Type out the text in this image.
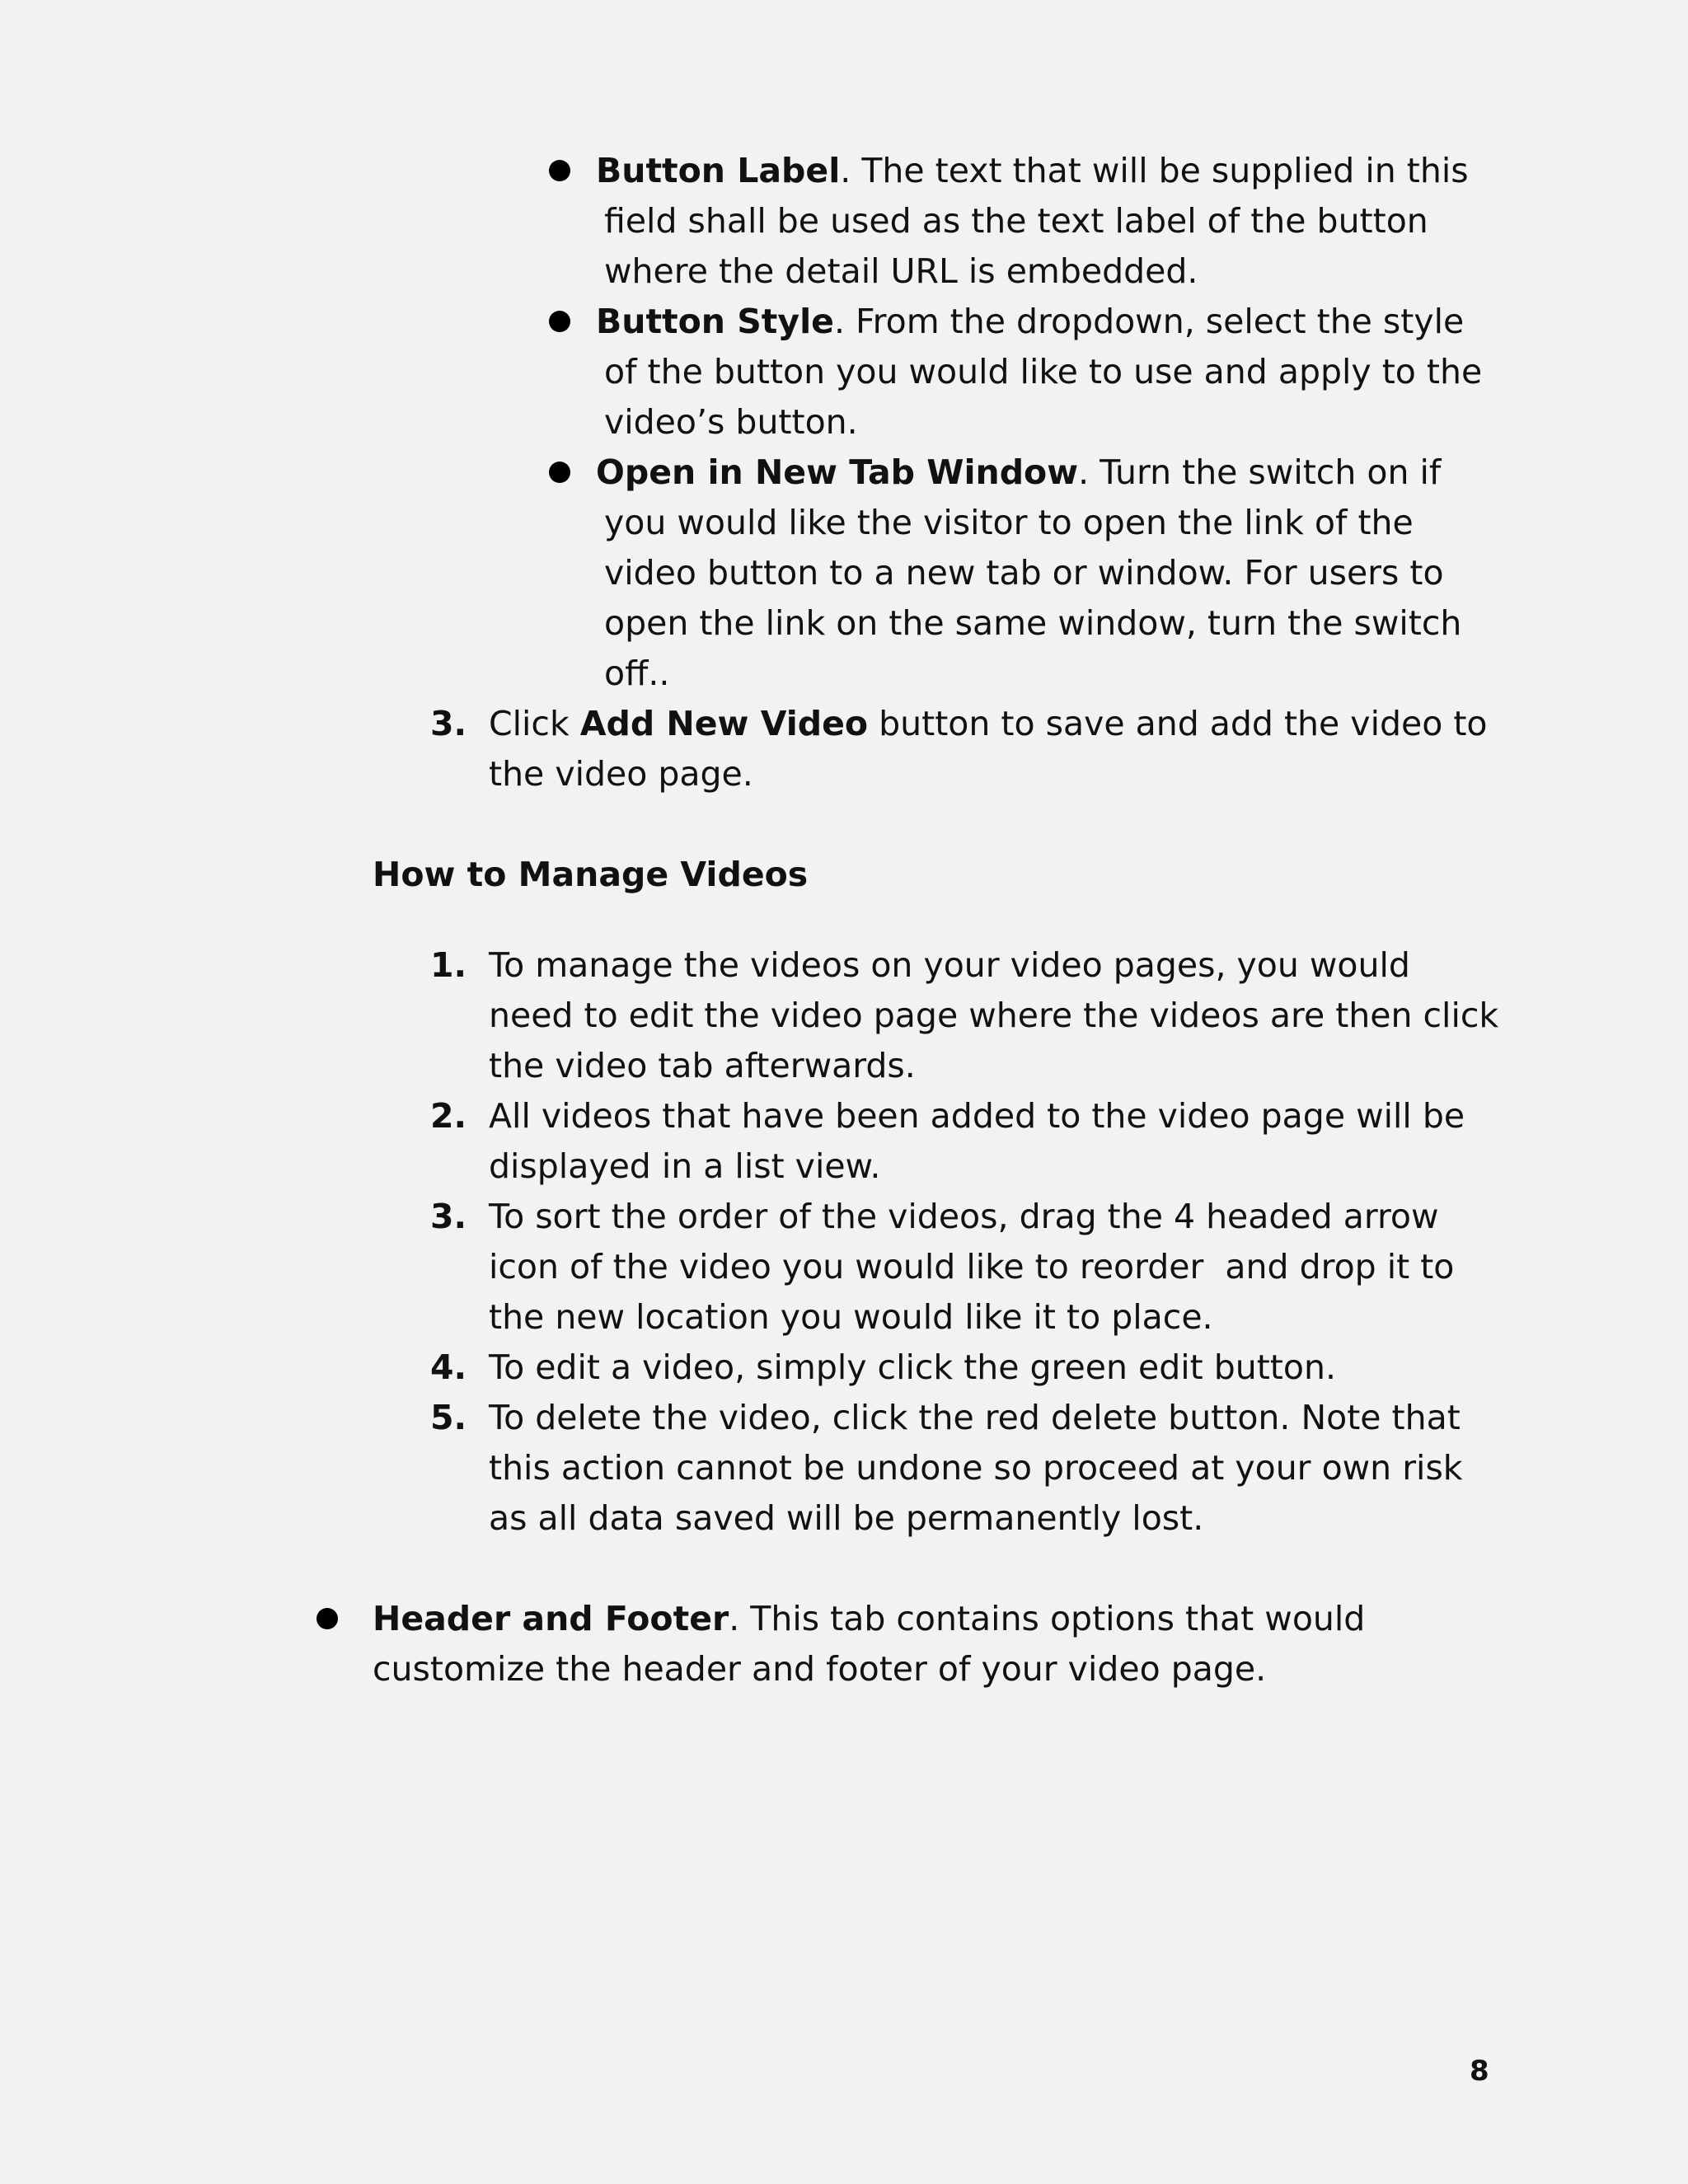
Button Label. The text that will be supplied in this
field shall be used as the text label of the button
where the detail URL is embedded.
Button Style. From the dropdown, select the style
of the button you would like to use and apply to the
video’s button.
Open in New Tab Window. Turn the switch on if
you would like the visitor to open the link of the
video button to a new tab or window. For users to
open the link on the same window, turn the switch
off..
3. Click Add New Video button to save and add the video to
the video page.
How to Manage Videos
1. To manage the videos on your video pages, you would
need to edit the video page where the videos are then click
the video tab afterwards.
2. All videos that have been added to the video page will be
displayed in a list view.
3. To sort the order of the videos, drag the 4 headed arrow
icon of the video you would like to reorder  and drop it to
the new location you would like it to place.
4. To edit a video, simply click the green edit button.
5. To delete the video, click the red delete button. Note that
this action cannot be undone so proceed at your own risk
as all data saved will be permanently lost.
Header and Footer. This tab contains options that would
customize the header and footer of your video page.
8
